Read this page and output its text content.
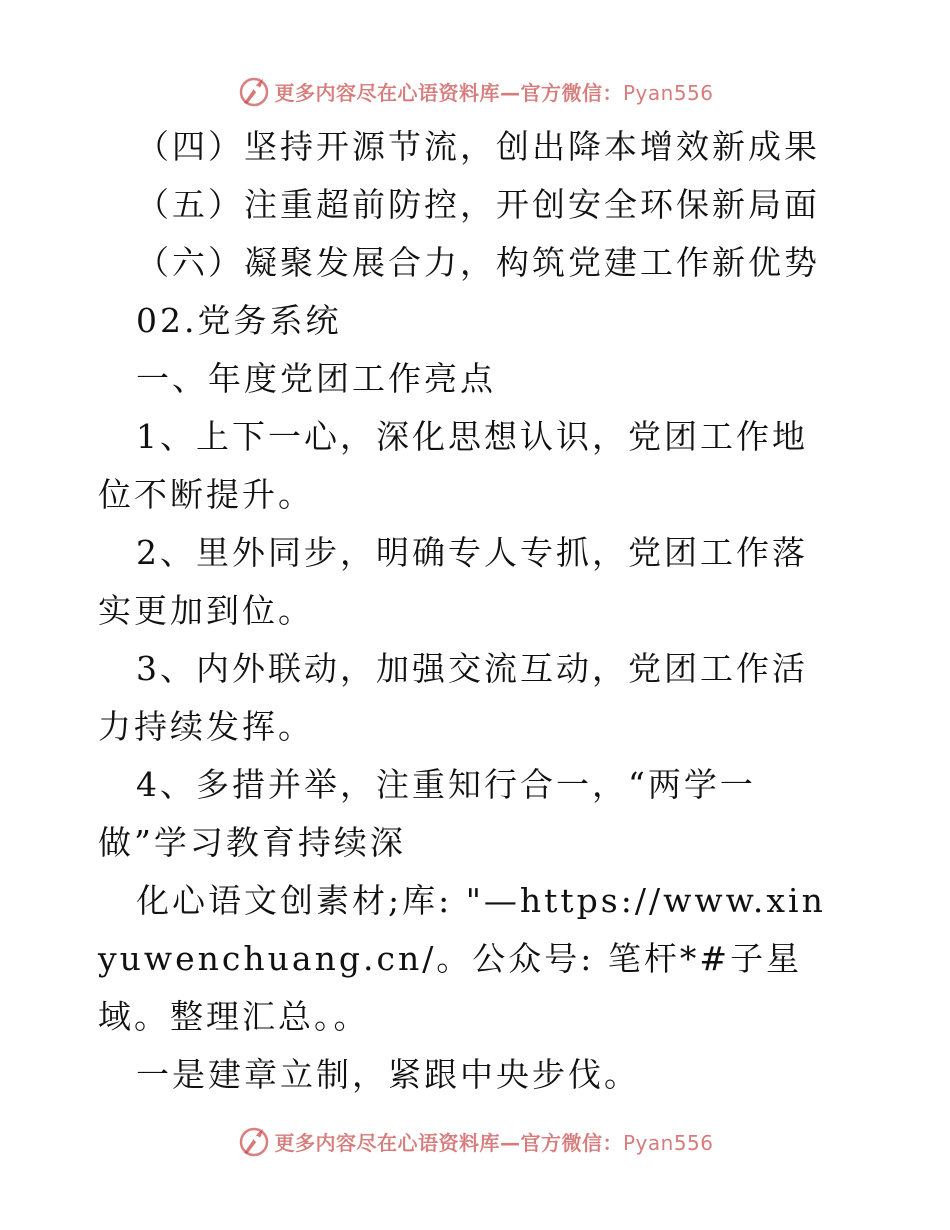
更多内容尽在心语资料库—官方微信：Pyan556

（四）坚持开源节流，创出降本增效新成果

（五）注重超前防控，开创安全环保新局面

（六）凝聚发展合力，构筑党建工作新优势

02.党务系统

一、年度党团工作亮点

1、上下一心，深化思想认识，党团工作地位不断提升。

2、里外同步，明确专人专抓，党团工作落实更加到位。

3、内外联动，加强交流互动，党团工作活力持续发挥。

4、多措并举，注重知行合一，“两学一做”学习教育持续深

化心语文创素材;库: "—https://www.xinyuwenchuang.cn/。公众号: 笔杆*#子星域。整理汇总。。

一是建章立制，紧跟中央步伐。

更多内容尽在心语资料库—官方微信：Pyan556
